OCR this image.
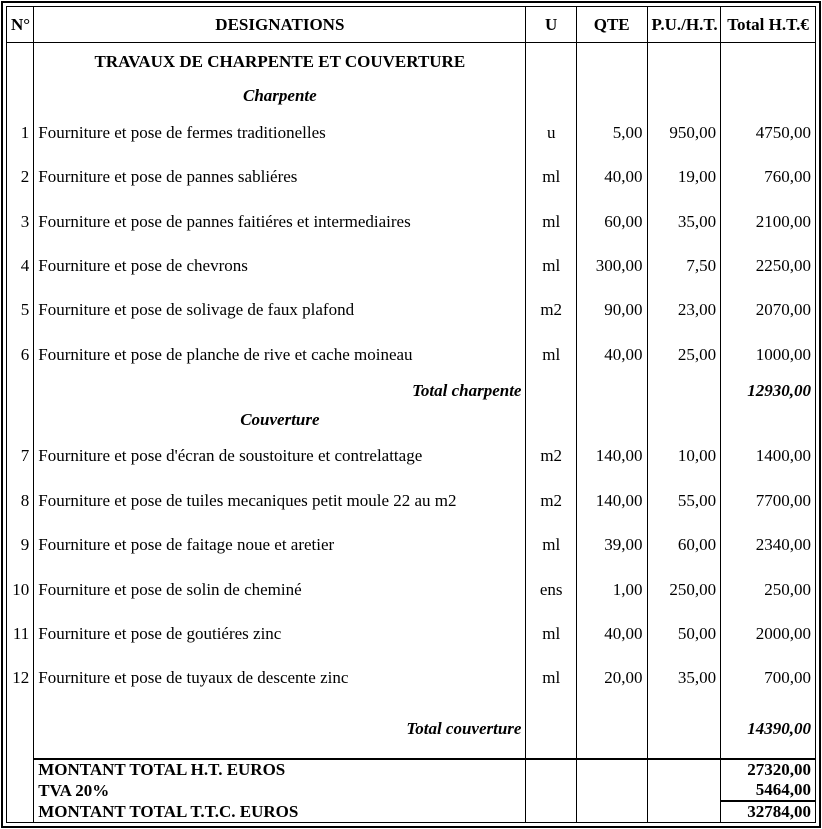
N°	DESIGNATIONS	U	QTE	P.U./H.T.	Total H.T.€
	TRAVAUX DE CHARPENTE ET COUVERTURE				
	Charpente				
1	Fourniture et pose de fermes traditionelles	u	5,00	950,00	4750,00
2	Fourniture et pose de pannes sabliéres	ml	40,00	19,00	760,00
3	Fourniture et pose de pannes faitiéres et intermediaires	ml	60,00	35,00	2100,00
4	Fourniture et pose de chevrons	ml	300,00	7,50	2250,00
5	Fourniture et pose de solivage de faux plafond	m2	90,00	23,00	2070,00
6	Fourniture et pose de planche de rive et cache moineau	ml	40,00	25,00	1000,00
	Total charpente				12930,00
	Couverture				
7	Fourniture et pose d'écran de soustoiture et contrelattage	m2	140,00	10,00	1400,00
8	Fourniture et pose de tuiles mecaniques petit moule 22 au m2	m2	140,00	55,00	7700,00
9	Fourniture et pose de faitage noue et aretier	ml	39,00	60,00	2340,00
10	Fourniture et pose de solin de cheminé	ens	1,00	250,00	250,00
11	Fourniture et pose de goutiéres zinc	ml	40,00	50,00	2000,00
12	Fourniture et pose de tuyaux de descente zinc	ml	20,00	35,00	700,00
	Total couverture				14390,00
	MONTANT TOTAL H.T. EUROS				27320,00
	TVA 20%				5464,00
	MONTANT TOTAL T.T.C. EUROS				32784,00
